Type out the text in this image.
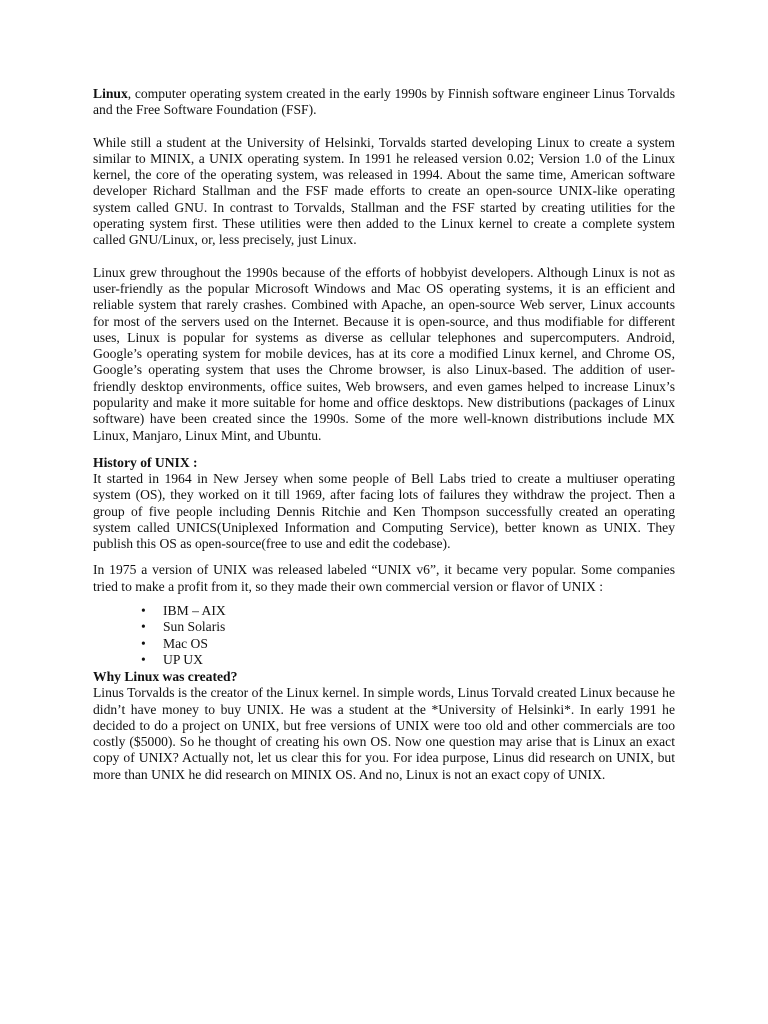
Linux, computer operating system created in the early 1990s by Finnish software engineer Linus Torvalds and the Free Software Foundation (FSF).

While still a student at the University of Helsinki, Torvalds started developing Linux to create a system similar to MINIX, a UNIX operating system. In 1991 he released version 0.02; Version 1.0 of the Linux kernel, the core of the operating system, was released in 1994. About the same time, American software developer Richard Stallman and the FSF made efforts to create an open-source UNIX-like operating system called GNU. In contrast to Torvalds, Stallman and the FSF started by creating utilities for the operating system first. These utilities were then added to the Linux kernel to create a complete system called GNU/Linux, or, less precisely, just Linux.

Linux grew throughout the 1990s because of the efforts of hobbyist developers. Although Linux is not as user-friendly as the popular Microsoft Windows and Mac OS operating systems, it is an efficient and reliable system that rarely crashes. Combined with Apache, an open-source Web server, Linux accounts for most of the servers used on the Internet. Because it is open-source, and thus modifiable for different uses, Linux is popular for systems as diverse as cellular telephones and supercomputers. Android, Google’s operating system for mobile devices, has at its core a modified Linux kernel, and Chrome OS, Google’s operating system that uses the Chrome browser, is also Linux-based. The addition of user-friendly desktop environments, office suites, Web browsers, and even games helped to increase Linux’s popularity and make it more suitable for home and office desktops. New distributions (packages of Linux software) have been created since the 1990s. Some of the more well-known distributions include MX Linux, Manjaro, Linux Mint, and Ubuntu.

History of UNIX :

It started in 1964 in New Jersey when some people of Bell Labs tried to create a multiuser operating system (OS), they worked on it till 1969, after facing lots of failures they withdraw the project. Then a group of five people including Dennis Ritchie and Ken Thompson successfully created an operating system called UNICS(Uniplexed Information and Computing Service), better known as UNIX. They publish this OS as open-source(free to use and edit the codebase).

In 1975 a version of UNIX was released labeled “UNIX v6”, it became very popular. Some companies tried to make a profit from it, so they made their own commercial version or flavor of UNIX :

• IBM – AIX
• Sun Solaris
• Mac OS
• UP UX
Why Linux was created?

Linus Torvalds is the creator of the Linux kernel. In simple words, Linus Torvald created Linux because he didn’t have money to buy UNIX. He was a student at the *University of Helsinki*. In early 1991 he decided to do a project on UNIX, but free versions of UNIX were too old and other commercials are too costly ($5000). So he thought of creating his own OS. Now one question may arise that is Linux an exact copy of UNIX? Actually not, let us clear this for you. For idea purpose, Linus did research on UNIX, but more than UNIX he did research on MINIX OS. And no, Linux is not an exact copy of UNIX.
